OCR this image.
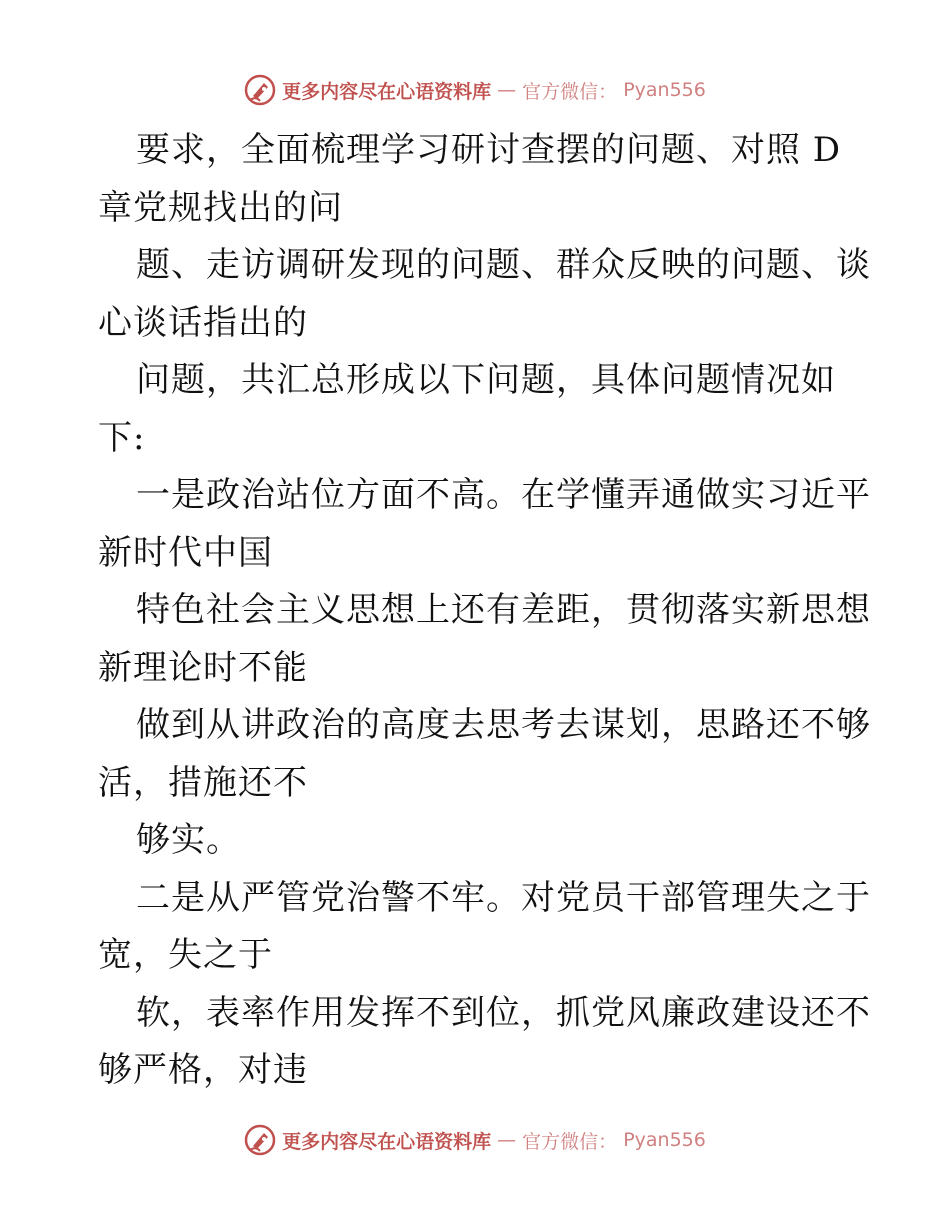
更多内容尽在心语资料库 — 官方微信： Pyan556
要求，全面梳理学习研讨查摆的问题、对照 D
章党规找出的问
题、走访调研发现的问题、群众反映的问题、谈
心谈话指出的
问题，共汇总形成以下问题，具体问题情况如
下:
一是政治站位方面不高。在学懂弄通做实习近平
新时代中国
特色社会主义思想上还有差距，贯彻落实新思想
新理论时不能
做到从讲政治的高度去思考去谋划，思路还不够
活，措施还不
够实。
二是从严管党治警不牢。对党员干部管理失之于
宽，失之于
软，表率作用发挥不到位，抓党风廉政建设还不
够严格，对违
更多内容尽在心语资料库 — 官方微信： Pyan556
